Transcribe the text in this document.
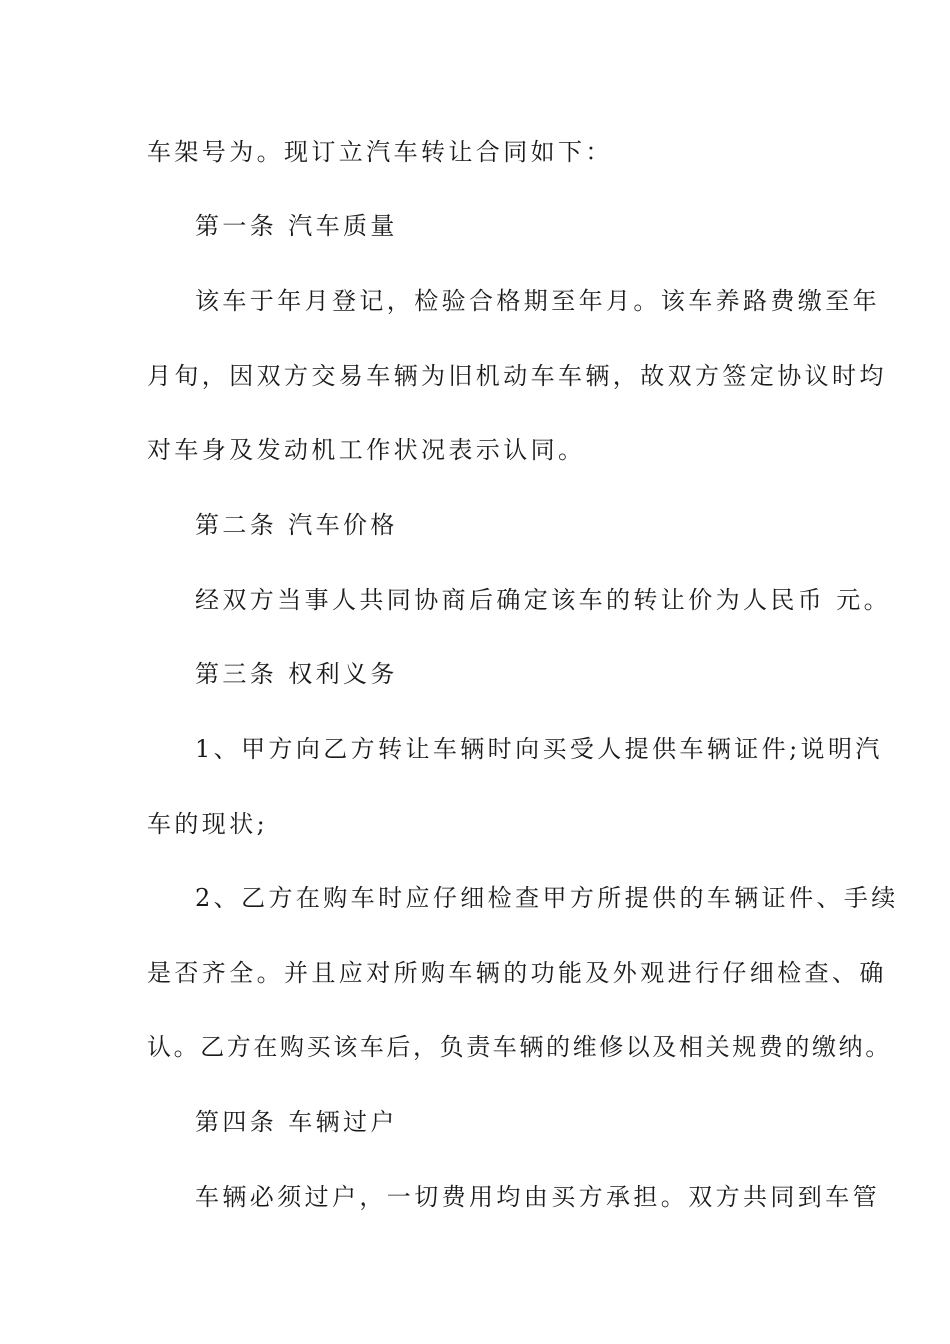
车架号为。现订立汽车转让合同如下：
第一条 汽车质量
该车于年月登记，检验合格期至年月。该车养路费缴至年
月旬，因双方交易车辆为旧机动车车辆，故双方签定协议时均
对车身及发动机工作状况表示认同。
第二条 汽车价格
经双方当事人共同协商后确定该车的转让价为人民币 元。
第三条 权利义务
1、甲方向乙方转让车辆时向买受人提供车辆证件;说明汽
车的现状;
2、乙方在购车时应仔细检查甲方所提供的车辆证件、手续
是否齐全。并且应对所购车辆的功能及外观进行仔细检查、确
认。乙方在购买该车后，负责车辆的维修以及相关规费的缴纳。
第四条 车辆过户
车辆必须过户，一切费用均由买方承担。双方共同到车管
